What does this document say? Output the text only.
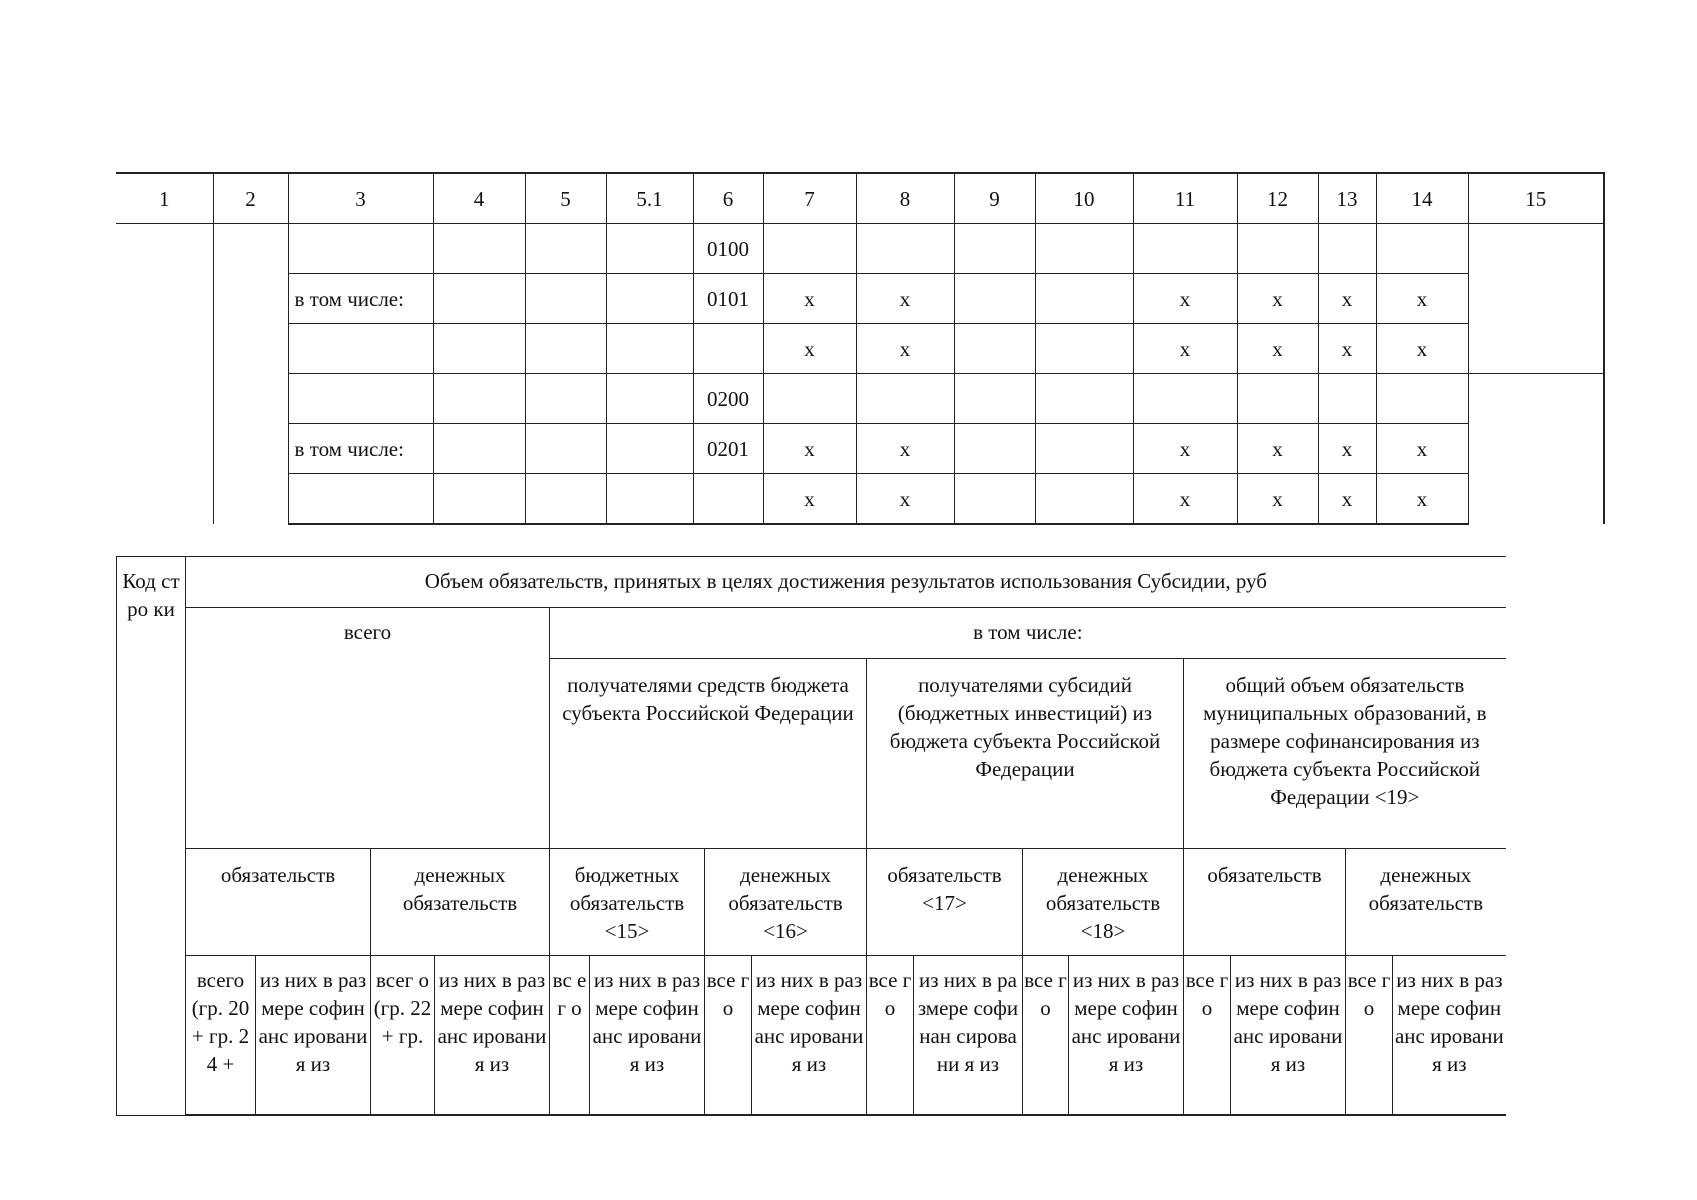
1	2	3	4	5	5.1	6	7	8	9	10	11	12	13	14	15
						0100									
		в том числе:				0101	x	x			x	x	x	x	
							x	x			x	x	x	x	
						0200									
		в том числе:				0201	x	x			x	x	x	x	
							x	x			x	x	x	x	
Код стро ки	Объем обязательств, принятых в целях достижения результатов использования Субсидии, руб															
	всего				в том числе:											
					получателями средств бюджета субъекта Российской Федерации				получателями субсидий (бюджетных инвестиций) из бюджета субъекта Российской Федерации				общий объем обязательств муниципальных образований, в размере софинансирования из бюджета субъекта Российской Федерации <19>			
	обязательств		денежных обязательств		бюджетных обязательств <15>		денежных обязательств <16>		обязательств <17>		денежных обязательств <18>		обязательств		денежных обязательств	
	всего (гр. 20 + гр. 24 +	из них в размере софинанс ирования из	всег о (гр. 22 + гр.	из них в размере софинанс ирования из	вс ег о	из них в размере софинанс ирования из	все го	из них в размере софинанс ирования из	все го	из них в размере софинан сировани я из	все го	из них в размере софинанс ирования из	все го	из них в размере софинанс ирования из	все го	из них в размере софинанс ирования из
